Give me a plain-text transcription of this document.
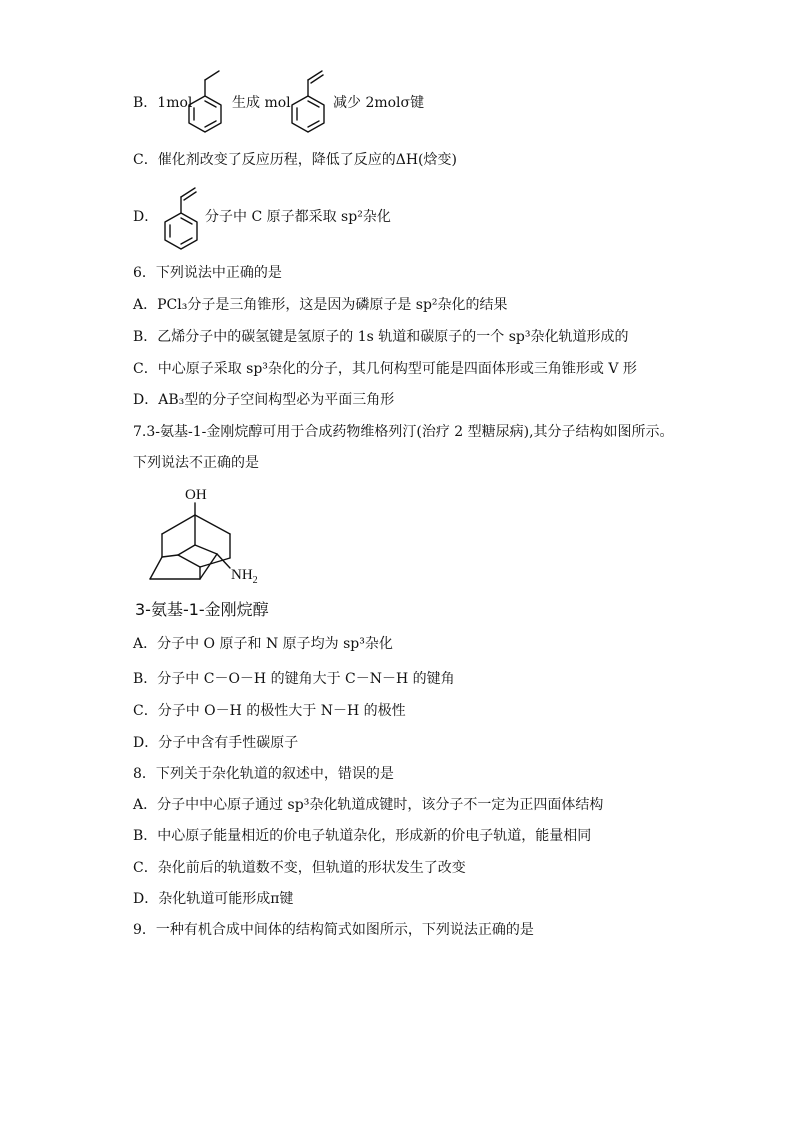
B．1mol	生成 mol	减少 2molσ键
C．催化剂改变了反应历程，降低了反应的ΔH(焓变)
D．	分子中 C 原子都采取 sp²杂化
6．下列说法中正确的是
A．PCl₃分子是三角锥形，这是因为磷原子是 sp²杂化的结果
B．乙烯分子中的碳氢键是氢原子的 1s 轨道和碳原子的一个 sp³杂化轨道形成的
C．中心原子采取 sp³杂化的分子，其几何构型可能是四面体形或三角锥形或 V 形
D．AB₃型的分子空间构型必为平面三角形
7.3-氨基-1-金刚烷醇可用于合成药物维格列汀(治疗 2 型糖尿病),其分子结构如图所示。
下列说法不正确的是
OH
$NH_2$
3-氨基-1-金刚烷醇
A．分子中 O 原子和 N 原子均为 sp³杂化
B．分子中 C－O－H 的键角大于 C－N－H 的键角
C．分子中 O－H 的极性大于 N－H 的极性
D．分子中含有手性碳原子
8．下列关于杂化轨道的叙述中，错误的是
A．分子中中心原子通过 sp³杂化轨道成键时，该分子不一定为正四面体结构
B．中心原子能量相近的价电子轨道杂化，形成新的价电子轨道，能量相同
C．杂化前后的轨道数不变，但轨道的形状发生了改变
D．杂化轨道可能形成π键
9．一种有机合成中间体的结构简式如图所示，下列说法正确的是
